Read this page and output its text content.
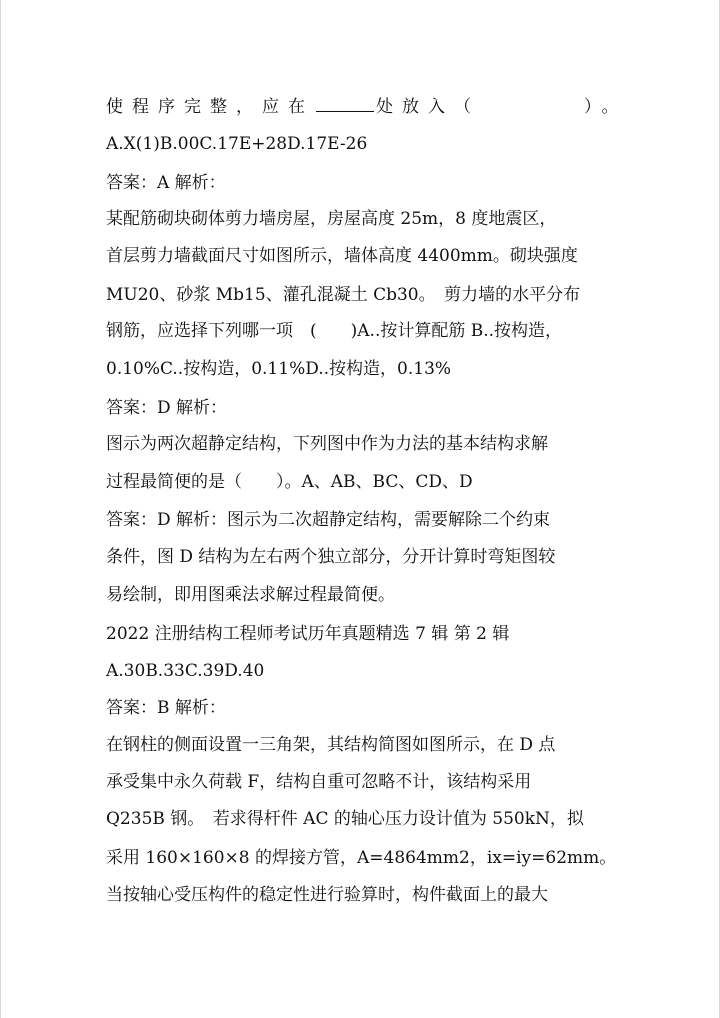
使程序完整，应在	处放入（　　　　）。
A.X(1)B.00C.17E+28D.17E-26
答案：A 解析：
某配筋砌块砌体剪力墙房屋，房屋高度 25m，8 度地震区，
首层剪力墙截面尺寸如图所示，墙体高度 4400mm。砌块强度
MU20、砂浆 Mb15、灌孔混凝土 Cb30。　剪力墙的水平分布
钢筋，应选择下列哪一项　(　　)A..按计算配筋 B..按构造，
0.10%C..按构造，0.11%D..按构造，0.13%
答案：D 解析：
图示为两次超静定结构，下列图中作为力法的基本结构求解
过程最简便的是（　　）。A、AB、BC、CD、D
答案：D 解析：图示为二次超静定结构，需要解除二个约束
条件，图 D 结构为左右两个独立部分，分开计算时弯矩图较
易绘制，即用图乘法求解过程最简便。
2022 注册结构工程师考试历年真题精选 7 辑 第 2 辑
A.30B.33C.39D.40
答案：B 解析：
在钢柱的侧面设置一三角架，其结构简图如图所示，在 D 点
承受集中永久荷载 F，结构自重可忽略不计，该结构采用
Q235B 钢。　若求得杆件 AC 的轴心压力设计值为 550kN，拟
采用 160×160×8 的焊接方管，A=4864mm2，ix=iy=62mm。
当按轴心受压构件的稳定性进行验算时，构件截面上的最大
